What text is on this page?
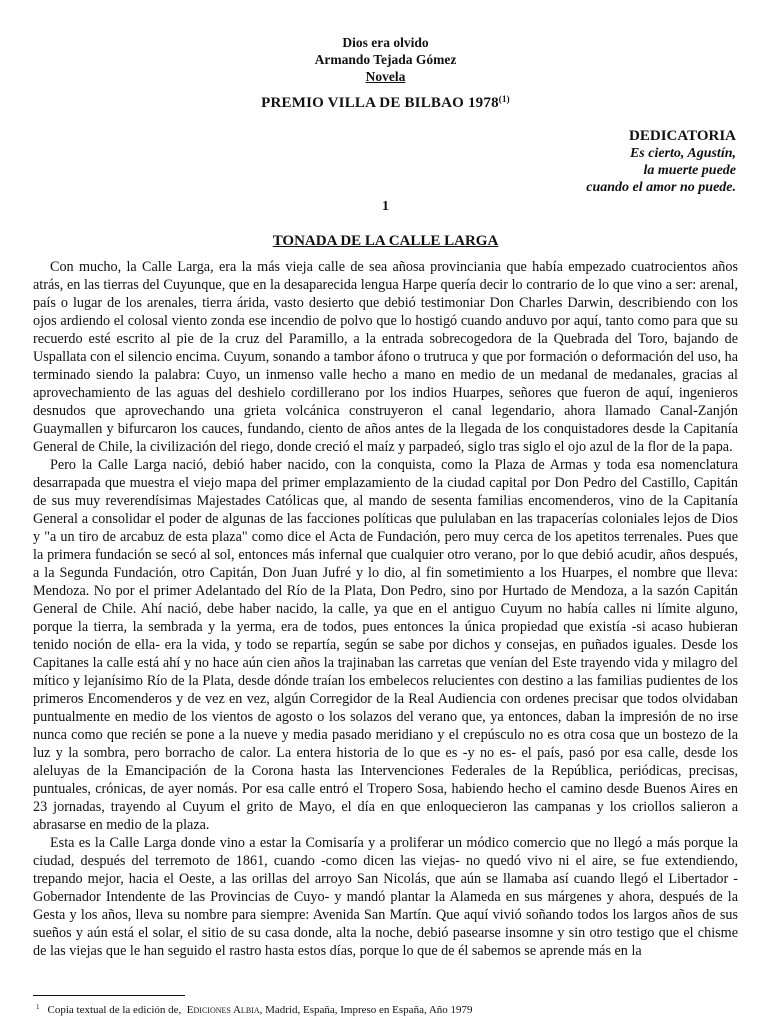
Dios era olvido
Armando Tejada Gómez
Novela
PREMIO VILLA DE BILBAO 1978$^{(1)}$
DEDICATORIA
Es cierto, Agustín,
la muerte puede
cuando el amor no puede.
1
TONADA DE LA CALLE LARGA

Con mucho, la Calle Larga, era la más vieja calle de sea añosa provinciania que había empezado cuatrocientos años atrás, en las tierras del Cuyunque, que en la desaparecida lengua Harpe quería decir lo contrario de lo que vino a ser: arenal, país o lugar de los arenales, tierra árida, vasto desierto que debió testimoniar Don Charles Darwin, describiendo con los ojos ardiendo el colosal viento zonda ese incendio de polvo que lo hostigó cuando anduvo por aquí, tanto como para que su recuerdo esté escrito al pie de la cruz del Paramillo, a la entrada sobrecogedora de la Quebrada del Toro, bajando de Uspallata con el silencio encima. Cuyum, sonando a tambor áfono o trutruca y que por formación o deformación del uso, ha terminado siendo la palabra: Cuyo, un inmenso valle hecho a mano en medio de un medanal de medanales, gracias al aprovechamiento de las aguas del deshielo cordillerano por los indios Huarpes, señores que fueron de aquí, ingenieros desnudos que aprovechando una grieta volcánica construyeron el canal legendario, ahora llamado Canal-Zanjón Guaymallen y bifurcaron los cauces, fundando, ciento de años antes de la llegada de los conquistadores desde la Capitanía General de Chile, la civilización del riego, donde creció el maíz y parpadeó, siglo tras siglo el ojo azul de la flor de la papa.

Pero la Calle Larga nació, debió haber nacido, con la conquista, como la Plaza de Armas y toda esa nomenclatura desarrapada que muestra el viejo mapa del primer emplazamiento de la ciudad capital por Don Pedro del Castillo, Capitán de sus muy reverendísimas Majestades Católicas que, al mando de sesenta familias encomenderos, vino de la Capitanía General a consolidar el poder de algunas de las facciones políticas que pululaban en las trapacerías coloniales lejos de Dios y "a un tiro de arcabuz de esta plaza" como dice el Acta de Fundación, pero muy cerca de los apetitos terrenales. Pues que la primera fundación se secó al sol, entonces más infernal que cualquier otro verano, por lo que debió acudir, años después, a la Segunda Fundación, otro Capitán, Don Juan Jufré y lo dio, al fin sometimiento a los Huarpes, el nombre que lleva: Mendoza. No por el primer Adelantado del Río de la Plata, Don Pedro, sino por Hurtado de Mendoza, a la sazón Capitán General de Chile. Ahí nació, debe haber nacido, la calle, ya que en el antiguo Cuyum no había calles ni límite alguno, porque la tierra, la sembrada y la yerma, era de todos, pues entonces la única propiedad que existía -si acaso hubieran tenido noción de ella- era la vida, y todo se repartía, según se sabe por dichos y consejas, en puñados iguales. Desde los Capitanes la calle está ahí y no hace aún cien años la trajinaban las carretas que venían del Este trayendo vida y milagro del mítico y lejanísimo Río de la Plata, desde dónde traían los embelecos relucientes con destino a las familias pudientes de los primeros Encomenderos y de vez en vez, algún Corregidor de la Real Audiencia con ordenes precisar que todos olvidaban puntualmente en medio de los vientos de agosto o los solazos del verano que, ya entonces, daban la impresión de no irse nunca como que recién se pone a la nueve y media pasado meridiano y el crepúsculo no es otra cosa que un bostezo de la luz y la sombra, pero borracho de calor. La entera historia de lo que es -y no es- el país, pasó por esa calle, desde los aleluyas de la Emancipación de la Corona hasta las Intervenciones Federales de la República, periódicas, precisas, puntuales, crónicas, de ayer nomás. Por esa calle entró el Tropero Sosa, habiendo hecho el camino desde Buenos Aires en 23 jornadas, trayendo al Cuyum el grito de Mayo, el día en que enloquecieron las campanas y los criollos salieron a abrasarse en medio de la plaza.

Esta es la Calle Larga donde vino a estar la Comisaría y a proliferar un módico comercio que no llegó a más porque la ciudad, después del terremoto de 1861, cuando -como dicen las viejas- no quedó vivo ni el aire, se fue extendiendo, trepando mejor, hacia el Oeste, a las orillas del arroyo San Nicolás, que aún se llamaba así cuando llegó el Libertador -Gobernador Intendente de las Provincias de Cuyo- y mandó plantar la Alameda en sus márgenes y ahora, después de la Gesta y los años, lleva su nombre para siempre: Avenida San Martín. Que aquí vivió soñando todos los largos años de sus sueños y aún está el solar, el sitio de su casa donde, alta la noche, debió pasearse insomne y sin otro testigo que el chisme de las viejas que le han seguido el rastro hasta estos días, porque lo que de él sabemos se aprende más en la

$^1$ Copia textual de la edición de, Ediciones Albia, Madrid, España, Impreso en España, Año 1979
